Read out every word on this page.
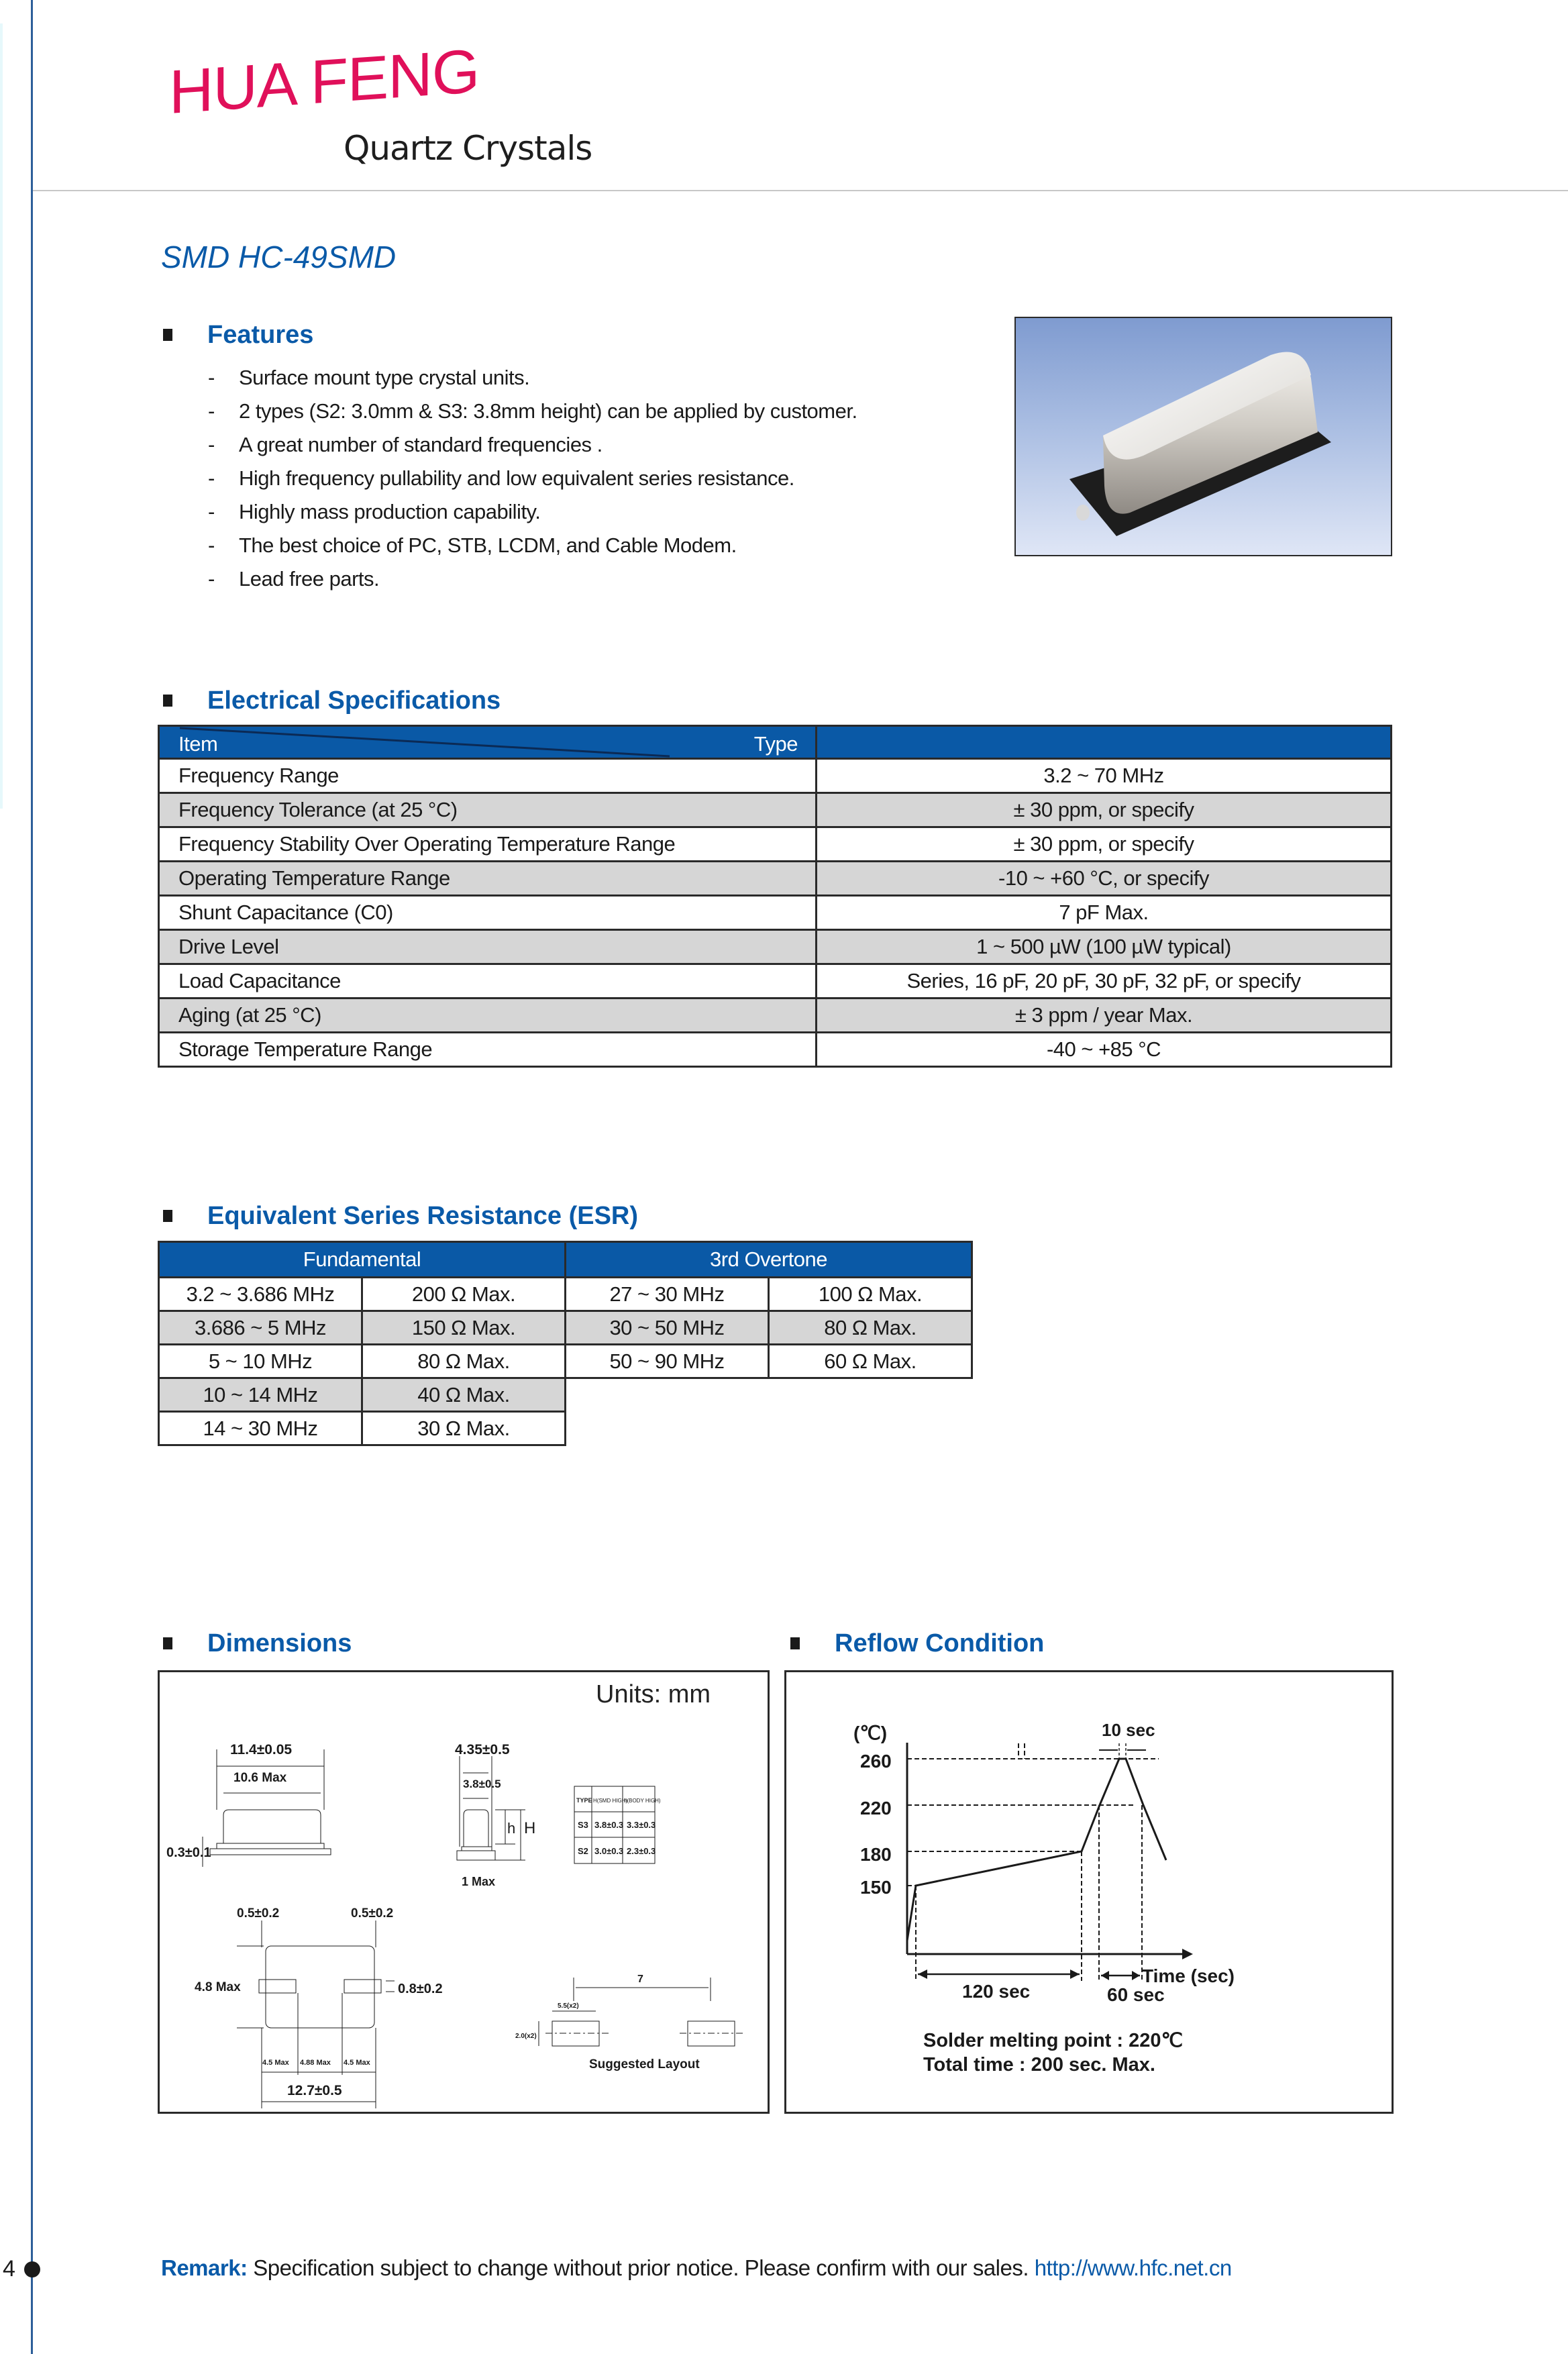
HUA FENG
Quartz Crystals
SMD HC-49SMD
Features
-	Surface mount type crystal units.
-	2 types (S2: 3.0mm & S3: 3.8mm height) can be applied by customer.
-	A great number of standard frequencies .
-	High frequency pullability and low equivalent series resistance.
-	Highly mass production capability.
-	The best choice of PC, STB, LCDM, and Cable Modem.
-	Lead free parts.
Electrical Specifications
Item Type	

Frequency Range	3.2 ~ 70 MHz
Frequency Tolerance (at 25 °C)	± 30 ppm, or specify
Frequency Stability Over Operating Temperature Range	± 30 ppm, or specify
Operating Temperature Range	-10 ~ +60 °C, or specify
Shunt Capacitance (C0)	7 pF Max.
Drive Level	1 ~ 500 µW (100 µW typical)
Load Capacitance	Series, 16 pF, 20 pF, 30 pF, 32 pF, or specify
Aging (at 25 °C)	± 3 ppm / year Max.
Storage Temperature Range	-40 ~ +85 °C
Equivalent Series Resistance (ESR)
Fundamental		3rd Overtone	
3.2 ~ 3.686 MHz	200 Ω Max.	27 ~ 30 MHz	100 Ω Max.
3.686 ~ 5 MHz	150 Ω Max.	30 ~ 50 MHz	80 Ω Max.
5 ~ 10 MHz	80 Ω Max.	50 ~ 90 MHz	60 Ω Max.
10 ~ 14 MHz	40 Ω Max.		
14 ~ 30 MHz	30 Ω Max.		
Dimensions
Units: mm
11.4±0.05
10.6 Max
0.3±0.1
4.35±0.5
3.8±0.5
h H
1 Max
TYPE H(SMD HIGH)
h(BODY HIGH)
S3 3.8±0.3 3.3±0.3
S2 3.0±0.3 2.3±0.3
0.5±0.2	0.5±0.2
4.8 Max	0.8±0.2
4.5 Max 4.88 Max 4.5 Max
12.7±0.5
7
5.5(x2)
2.0(x2)
Suggested Layout
Reflow Condition
(℃)
Time (sec)
260
220
180
150
10 sec
120 sec	60 sec
Solder melting point : 220℃
Total time : 200 sec. Max.
4	Remark: Specification subject to change without prior notice. Please confirm with our sales. http://www.hfc.net.cn
